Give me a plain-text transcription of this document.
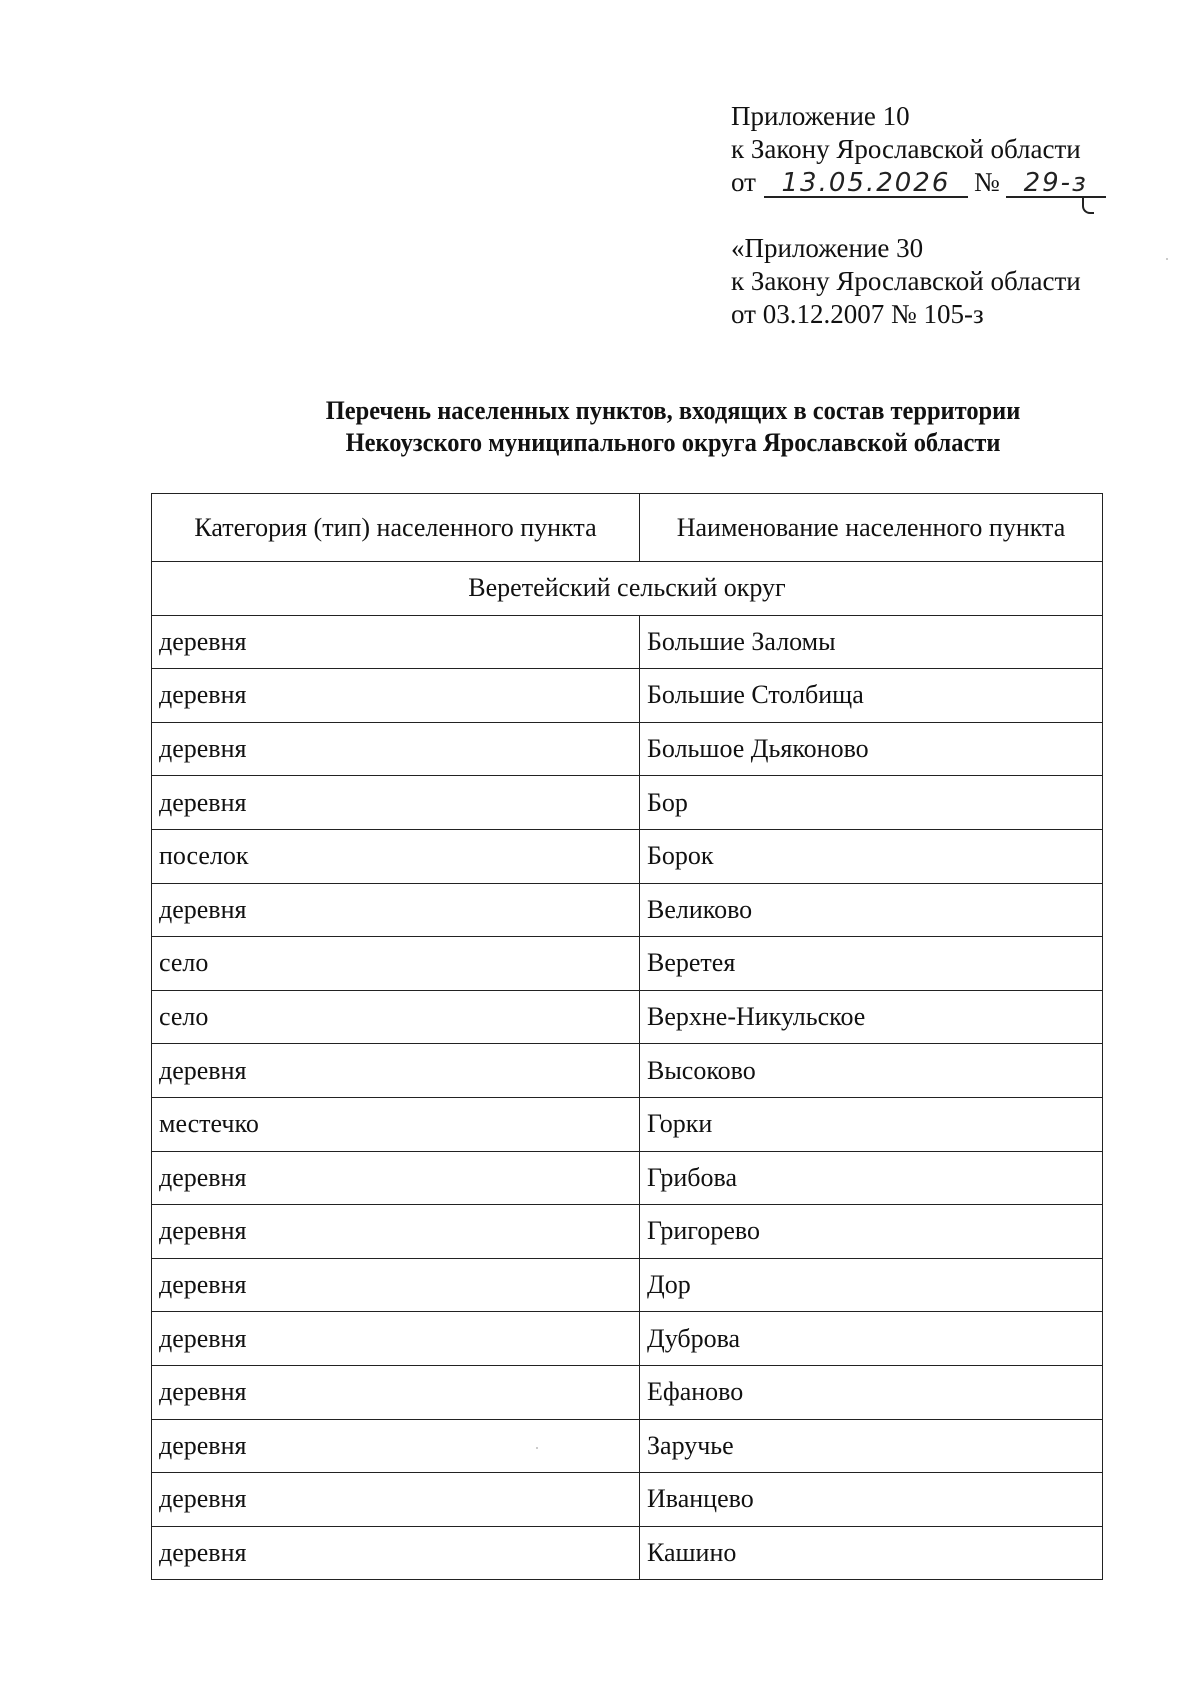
Приложение 10
к Закону Ярославской области
от 13.05.2026 № 29-з
«Приложение 30
к Закону Ярославской области
от 03.12.2007 № 105-з
Перечень населенных пунктов, входящих в состав территории
Некоузского муниципального округа Ярославской области
Категория (тип) населенного пункта	Наименование населенного пункта
Веретейский сельский округ	
деревня	Большие Заломы
деревня	Большие Столбища
деревня	Большое Дьяконово
деревня	Бор
поселок	Борок
деревня	Великово
село	Веретея
село	Верхне-Никульское
деревня	Высоково
местечко	Горки
деревня	Грибова
деревня	Григорево
деревня	Дор
деревня	Дуброва
деревня	Ефаново
деревня	Заручье
деревня	Иванцево
деревня	Кашино
